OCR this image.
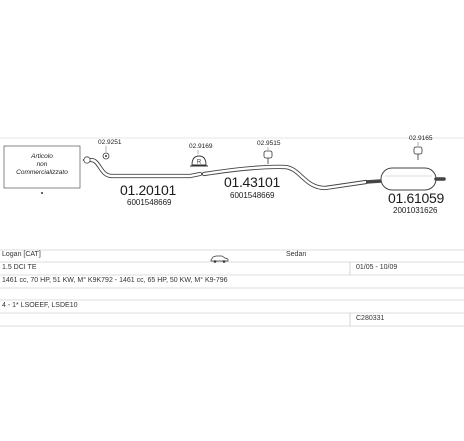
Articolo
non
Commercializzato
01.20101
6001548669
02.9251
02.9169
R
01.43101
6001548669
02.9515
01.61059
2001031626
02.9165
Logan [CAT]	Sedan
1.5 DCI TE	01/05 - 10/09
1461 cc, 70 HP, 51 KW, M° K9K792 - 1461 cc, 65 HP, 50 KW, M° K9-796
4 - 1* LSOEEF, LSDE10
C280331
